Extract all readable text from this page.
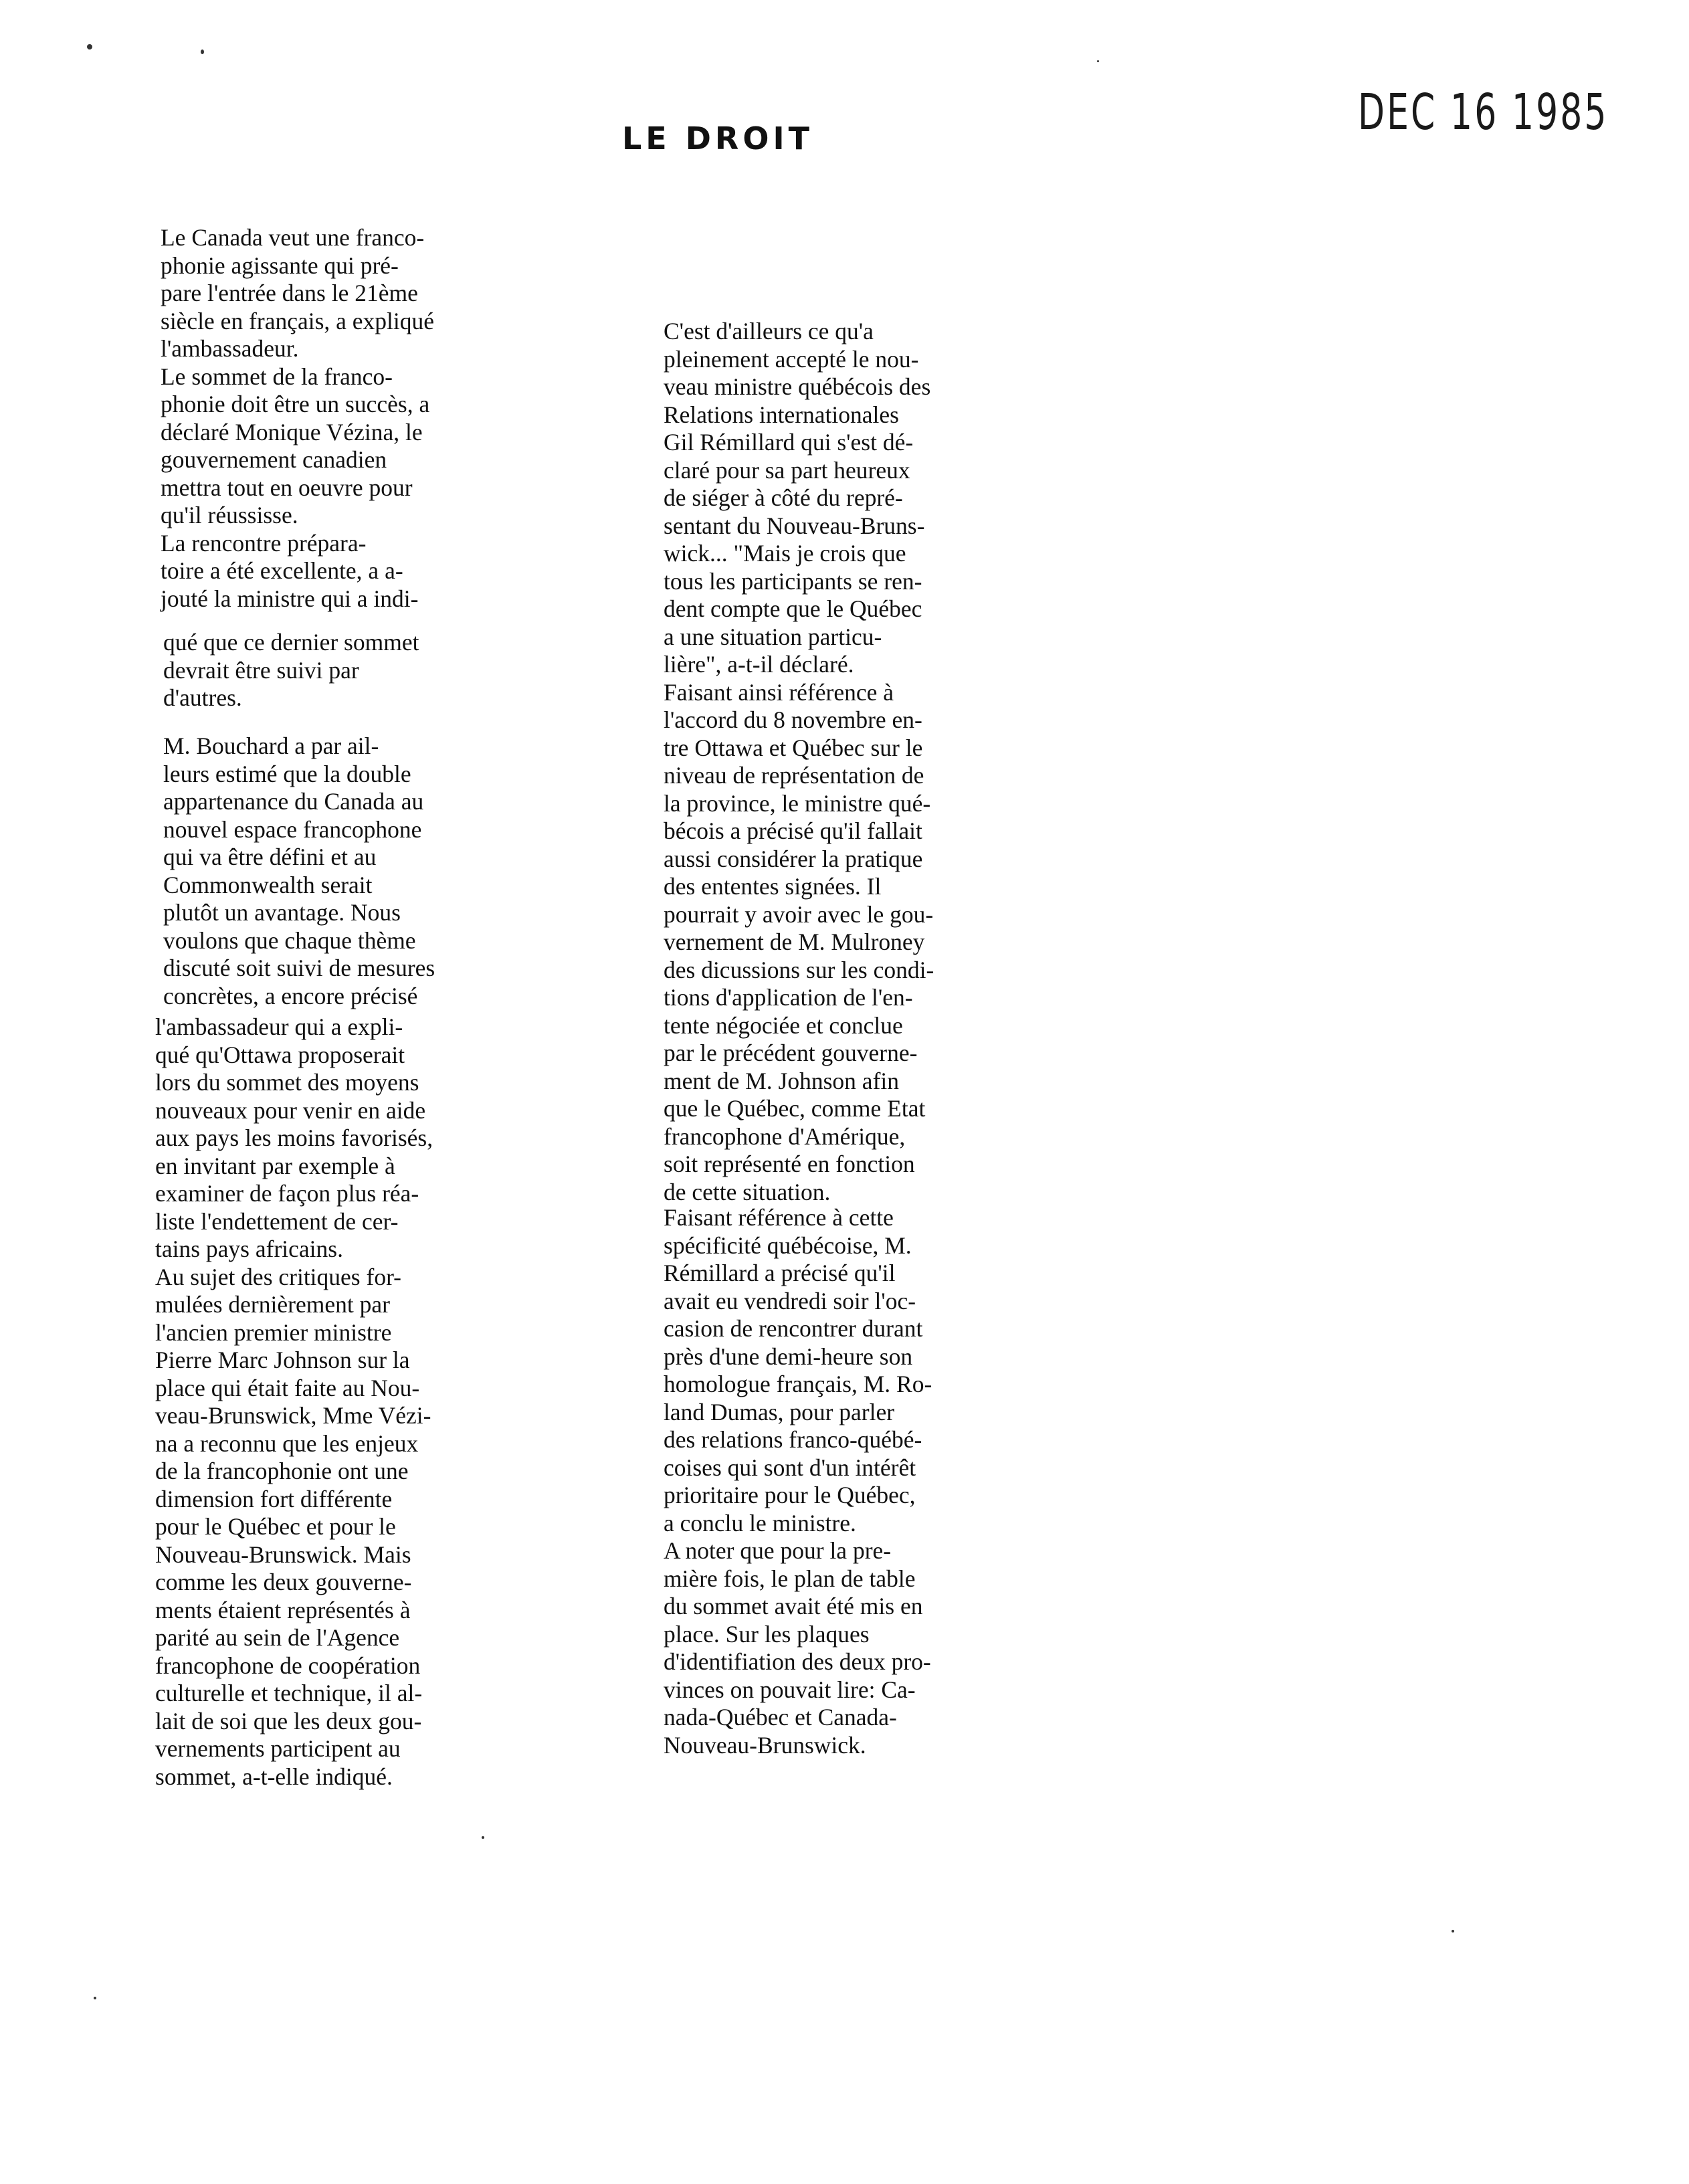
DEC 16 1985
LE DROIT
Le Canada veut une franco-
phonie agissante qui pré-
pare l'entrée dans le 21ème
siècle en français, a expliqué
l'ambassadeur.
Le sommet de la franco-
phonie doit être un succès, a
déclaré Monique Vézina, le
gouvernement canadien
mettra tout en oeuvre pour
qu'il réussisse.
La rencontre prépara-
toire a été excellente, a a-
jouté la ministre qui a indi-
qué que ce dernier sommet
devrait être suivi par
d'autres.
M. Bouchard a par ail-
leurs estimé que la double
appartenance du Canada au
nouvel espace francophone
qui va être défini et au
Commonwealth serait
plutôt un avantage. Nous
voulons que chaque thème
discuté soit suivi de mesures
concrètes, a encore précisé
l'ambassadeur qui a expli-
qué qu'Ottawa proposerait
lors du sommet des moyens
nouveaux pour venir en aide
aux pays les moins favorisés,
en invitant par exemple à
examiner de façon plus réa-
liste l'endettement de cer-
tains pays africains.
Au sujet des critiques for-
mulées dernièrement par
l'ancien premier ministre
Pierre Marc Johnson sur la
place qui était faite au Nou-
veau-Brunswick, Mme Vézi-
na a reconnu que les enjeux
de la francophonie ont une
dimension fort différente
pour le Québec et pour le
Nouveau-Brunswick. Mais
comme les deux gouverne-
ments étaient représentés à
parité au sein de l'Agence
francophone de coopération
culturelle et technique, il al-
lait de soi que les deux gou-
vernements participent au
sommet, a-t-elle indiqué.
C'est d'ailleurs ce qu'a
pleinement accepté le nou-
veau ministre québécois des
Relations internationales
Gil Rémillard qui s'est dé-
claré pour sa part heureux
de siéger à côté du repré-
sentant du Nouveau-Bruns-
wick... "Mais je crois que
tous les participants se ren-
dent compte que le Québec
a une situation particu-
lière", a-t-il déclaré.
Faisant ainsi référence à
l'accord du 8 novembre en-
tre Ottawa et Québec sur le
niveau de représentation de
la province, le ministre qué-
bécois a précisé qu'il fallait
aussi considérer la pratique
des ententes signées. Il
pourrait y avoir avec le gou-
vernement de M. Mulroney
des dicussions sur les condi-
tions d'application de l'en-
tente négociée et conclue
par le précédent gouverne-
ment de M. Johnson afin
que le Québec, comme Etat
francophone d'Amérique,
soit représenté en fonction
de cette situation.
Faisant référence à cette
spécificité québécoise, M.
Rémillard a précisé qu'il
avait eu vendredi soir l'oc-
casion de rencontrer durant
près d'une demi-heure son
homologue français, M. Ro-
land Dumas, pour parler
des relations franco-québé-
coises qui sont d'un intérêt
prioritaire pour le Québec,
a conclu le ministre.
A noter que pour la pre-
mière fois, le plan de table
du sommet avait été mis en
place. Sur les plaques
d'identifiation des deux pro-
vinces on pouvait lire: Ca-
nada-Québec et Canada-
Nouveau-Brunswick.
